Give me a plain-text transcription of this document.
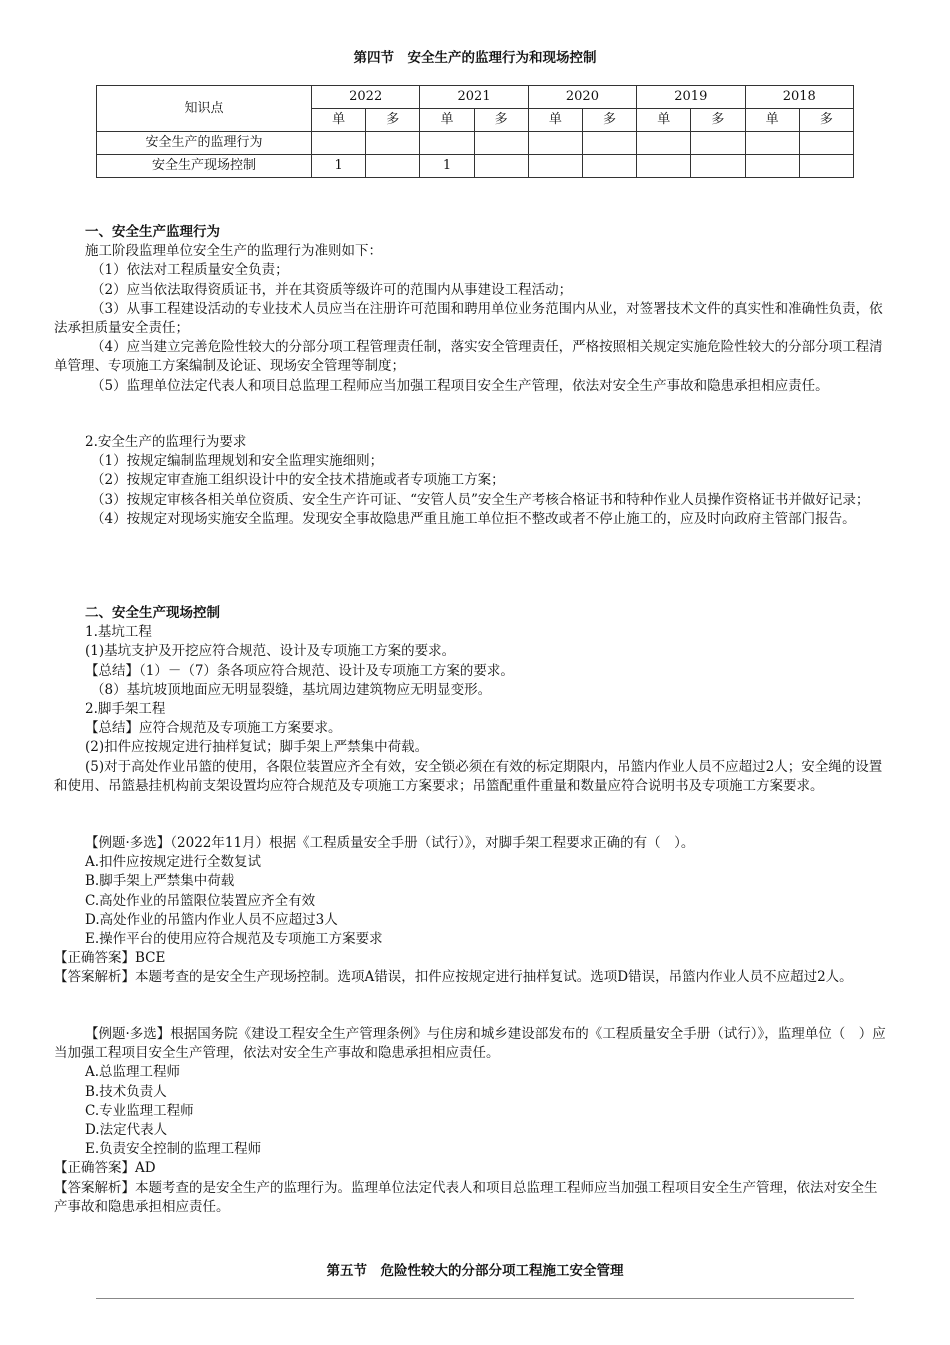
第四节　安全生产的监理行为和现场控制
知识点	2022		2021		2020		2019		2018	
	单	多	单	多	单	多	单	多	单	多
安全生产的监理行为										
安全生产现场控制	1		1							

一、安全生产监理行为

施工阶段监理单位安全生产的监理行为准则如下：

（1）依法对工程质量安全负责；

（2）应当依法取得资质证书，并在其资质等级许可的范围内从事建设工程活动；

（3）从事工程建设活动的专业技术人员应当在注册许可范围和聘用单位业务范围内从业，对签署技术文件的真实性和准确性负责，依法承担质量安全责任；

（4）应当建立完善危险性较大的分部分项工程管理责任制，落实安全管理责任，严格按照相关规定实施危险性较大的分部分项工程清单管理、专项施工方案编制及论证、现场安全管理等制度；

（5）监理单位法定代表人和项目总监理工程师应当加强工程项目安全生产管理，依法对安全生产事故和隐患承担相应责任。

2.安全生产的监理行为要求

（1）按规定编制监理规划和安全监理实施细则；

（2）按规定审查施工组织设计中的安全技术措施或者专项施工方案；

（3）按规定审核各相关单位资质、安全生产许可证、“安管人员”安全生产考核合格证书和特种作业人员操作资格证书并做好记录；

（4）按规定对现场实施安全监理。发现安全事故隐患严重且施工单位拒不整改或者不停止施工的，应及时向政府主管部门报告。

二、安全生产现场控制

1.基坑工程

(1)基坑支护及开挖应符合规范、设计及专项施工方案的要求。

【总结】（1）－（7）条各项应符合规范、设计及专项施工方案的要求。

（8）基坑坡顶地面应无明显裂缝，基坑周边建筑物应无明显变形。

2.脚手架工程

【总结】应符合规范及专项施工方案要求。

(2)扣件应按规定进行抽样复试；脚手架上严禁集中荷载。

(5)对于高处作业吊篮的使用，各限位装置应齐全有效，安全锁必须在有效的标定期限内，吊篮内作业人员不应超过2人；安全绳的设置和使用、吊篮悬挂机构前支架设置均应符合规范及专项施工方案要求；吊篮配重件重量和数量应符合说明书及专项施工方案要求。

【例题·多选】（2022年11月）根据《工程质量安全手册（试行）》，对脚手架工程要求正确的有（　）。

A.扣件应按规定进行全数复试

B.脚手架上严禁集中荷载

C.高处作业的吊篮限位装置应齐全有效

D.高处作业的吊篮内作业人员不应超过3人

E.操作平台的使用应符合规范及专项施工方案要求

【正确答案】BCE

【答案解析】本题考查的是安全生产现场控制。选项A错误，扣件应按规定进行抽样复试。选项D错误，吊篮内作业人员不应超过2人。

【例题·多选】根据国务院《建设工程安全生产管理条例》与住房和城乡建设部发布的《工程质量安全手册（试行）》，监理单位（　）应当加强工程项目安全生产管理，依法对安全生产事故和隐患承担相应责任。

A.总监理工程师

B.技术负责人

C.专业监理工程师

D.法定代表人

E.负责安全控制的监理工程师

【正确答案】AD

【答案解析】本题考查的是安全生产的监理行为。监理单位法定代表人和项目总监理工程师应当加强工程项目安全生产管理，依法对安全生产事故和隐患承担相应责任。

第五节　危险性较大的分部分项工程施工安全管理
